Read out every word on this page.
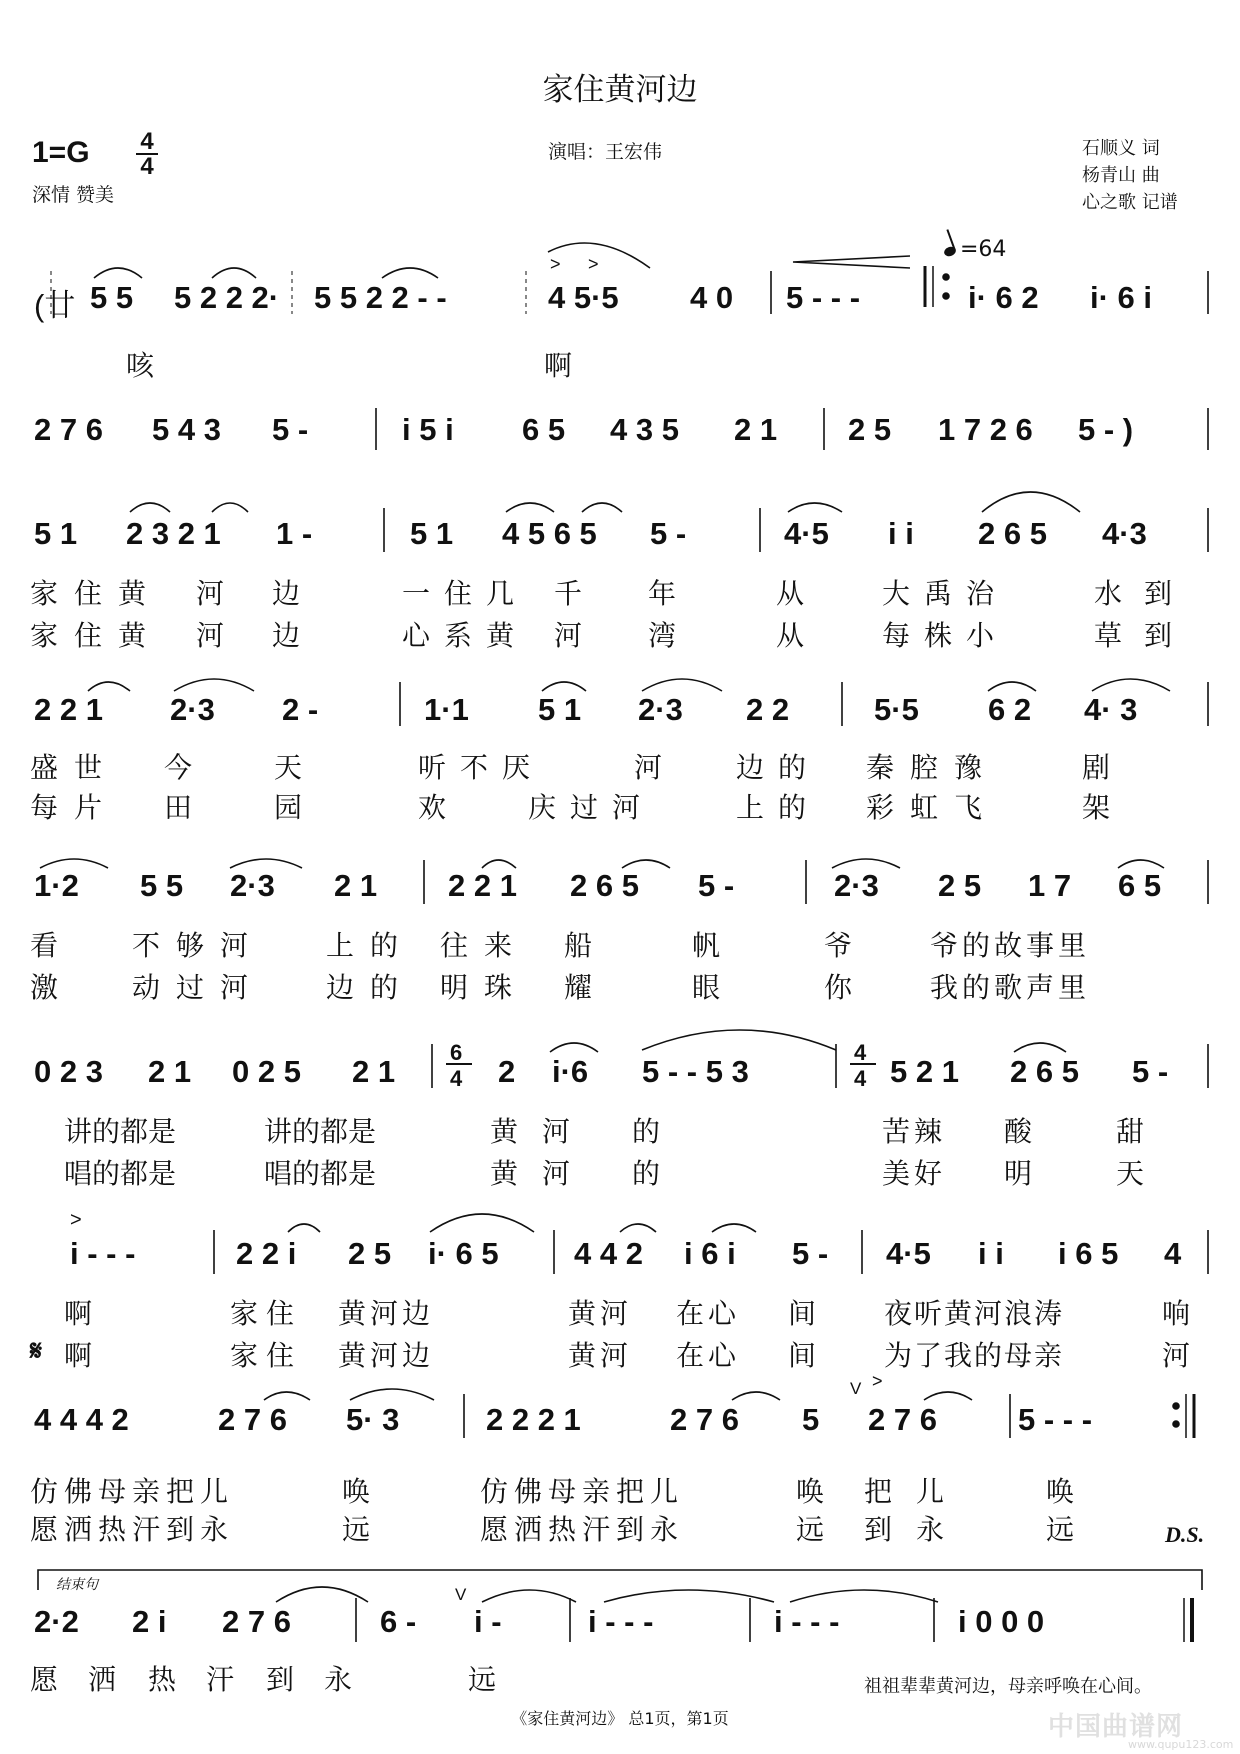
家住黄河边
1=G 4
4
深情 赞美
演唱：王宏伟	石顺义 词
杨青山 曲
心之歌 记谱
=64
> >
>
V >
V
(廿 5 5 5 2 2 2· 5 5 2 2 - -	4 5·5 4 0 5 - - -	i· 6 2 i· 6 i
咳	啊
2 7 6 5 4 3 5 -	i 5 i 6 5 4 3 5 2 1 2 5 1 7 2 6 5 - )
5 1 2 3 2 1 1 -	5 1 4 5 6 5 5 -	4·5 i i 2 6 5 4·3
家住黄 河 边	一住几 千 年	从	大禹治	水到
家住黄 河 边	心系黄 河 湾	从	每株小	草到
2 2 1 2·3 2 -	1·1 5 1 2·3 2 2	5·5 6 2 4· 3
盛世 今	天	听不厌	河	边的 秦腔豫	剧
每片 田	园	欢	庆过河	上的 彩虹飞	架
1·2 5 5 2·3 2 1 2 2 1 2 6 5 5 -	2·3 2 5 1 7 6 5
看	不够河 上的 往来 船	帆	爷	爷的故事里
激	动过河 边的 明珠 耀	眼	你	我的歌声里
0 2 3 2 1 0 2 5 2 1	2 i·6 5 - - 5 3	5 2 1 2 6 5 5 -
6
4
4
4
讲的都是	讲的都是	黄河 的	苦辣 酸	甜
唱的都是	唱的都是	黄河 的	美好 明	天
i - - -	2 2 i 2 5 i· 6 5 4 4 2 i 6 i 5 - 4·5 i i i 6 5 4
啊	家住 黄河边	黄河 在心 间 夜听黄河浪涛	响
𝄋 啊	家住 黄河边	黄河 在心 间 为了我的母亲	河
4 4 4 2	2 7 6 5· 3	2 2 2 1	2 7 6 5 2 7 6	5 - - -
仿佛母亲把儿	唤	仿佛母亲把儿	唤 把儿	唤
愿洒热汗到永	远	愿洒热汗到永	远 到永	远	D.S.
结束句
2·2 2 i 2 7 6	6 - i -	i - - -	i - - -	i 0 0 0
愿 洒 热 汗 到 永	远	祖祖辈辈黄河边，母亲呼唤在心间。
《家住黄河边》 总1页，第1页	中国曲谱网
www.qupu123.com
